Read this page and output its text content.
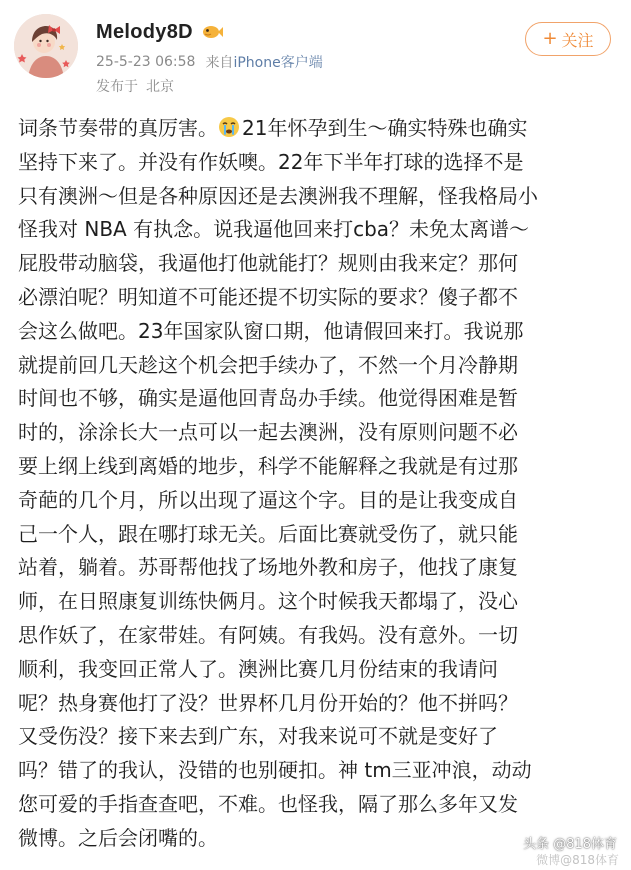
Melody8D
25-5-23 06:58 来自iPhone客户端
发布于 北京
+ 关注
词条节奏带的真厉害。 21年怀孕到生～确实特殊也确实
坚持下来了。并没有作妖噢。22年下半年打球的选择不是
只有澳洲～但是各种原因还是去澳洲我不理解，怪我格局小
怪我对 NBA 有执念。说我逼他回来打cba？未免太离谱～
屁股带动脑袋，我逼他打他就能打？规则由我来定？那何
必漂泊呢？明知道不可能还提不切实际的要求？傻子都不
会这么做吧。23年国家队窗口期，他请假回来打。我说那
就提前回几天趁这个机会把手续办了，不然一个月冷静期
时间也不够，确实是逼他回青岛办手续。他觉得困难是暂
时的，涂涂长大一点可以一起去澳洲，没有原则问题不必
要上纲上线到离婚的地步，科学不能解释之我就是有过那
奇葩的几个月，所以出现了逼这个字。目的是让我变成自
己一个人，跟在哪打球无关。后面比赛就受伤了，就只能
站着，躺着。苏哥帮他找了场地外教和房子，他找了康复
师，在日照康复训练快俩月。这个时候我天都塌了，没心
思作妖了，在家带娃。有阿姨。有我妈。没有意外。一切
顺利，我变回正常人了。澳洲比赛几月份结束的我请问
呢？热身赛他打了没？世界杯几月份开始的？他不拼吗？
又受伤没？接下来去到广东，对我来说可不就是变好了
吗？错了的我认，没错的也别硬扣。神 tm三亚冲浪，动动
您可爱的手指查查吧，不难。也怪我，隔了那么多年又发
微博。之后会闭嘴的。
微博@818体育
头条 @818体育
